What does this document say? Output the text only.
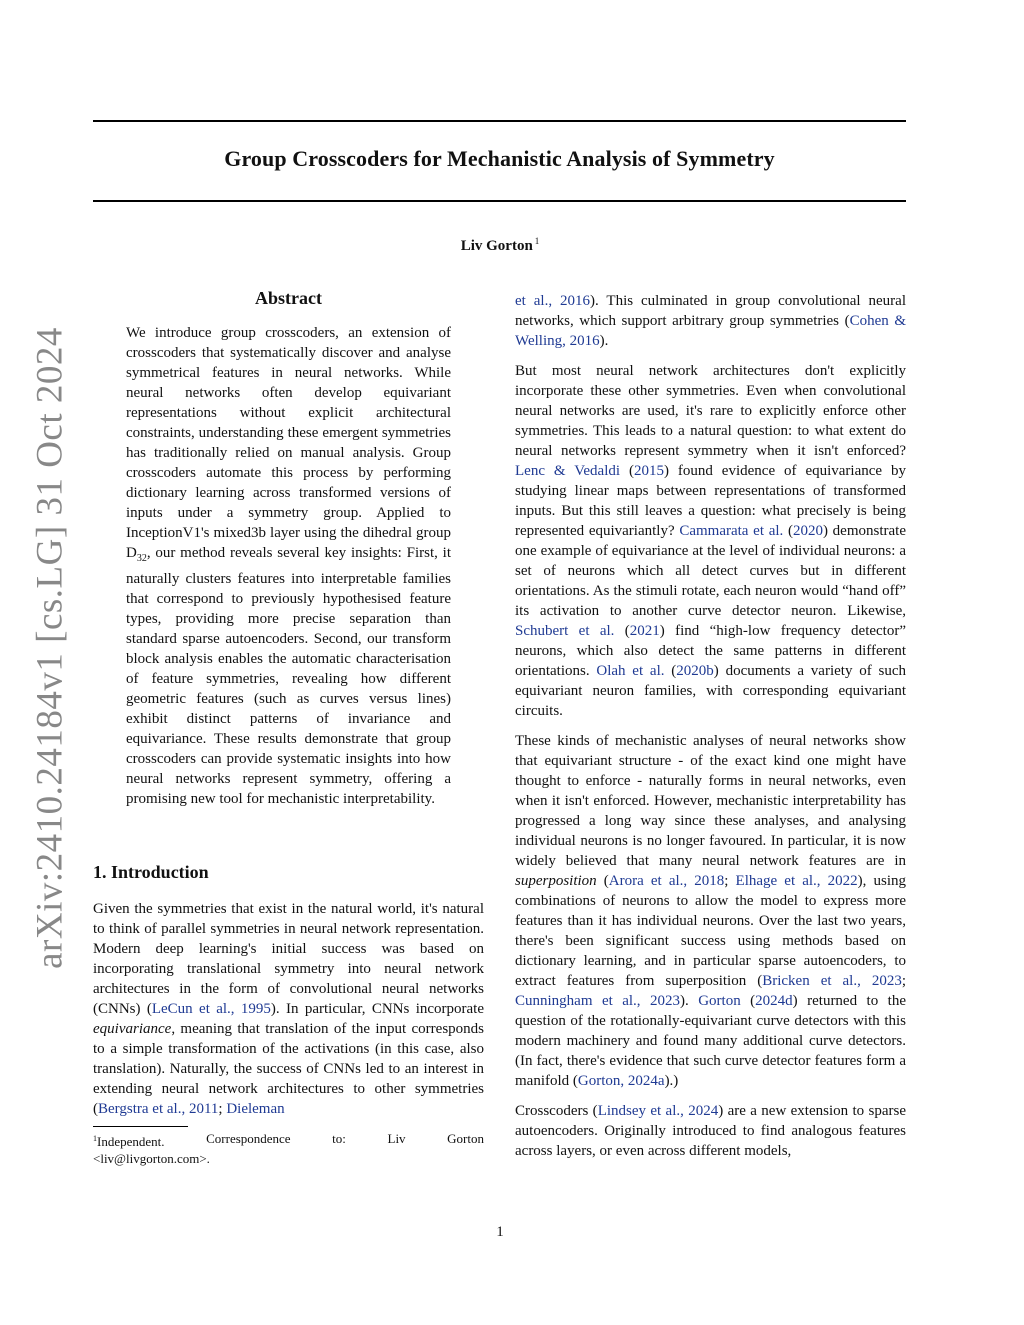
arXiv:2410.24184v1 [cs.LG] 31 Oct 2024
Group Crosscoders for Mechanistic Analysis of Symmetry
Liv Gorton $^1$
Abstract

We introduce group crosscoders, an extension of crosscoders that systematically discover and analyse symmetrical features in neural networks. While neural networks often develop equivariant representations without explicit architectural constraints, understanding these emergent symmetries has traditionally relied on manual analysis. Group crosscoders automate this process by performing dictionary learning across transformed versions of inputs under a symmetry group. Applied to InceptionV1's mixed3b layer using the dihedral group $D_{32}$, our method reveals several key insights: First, it naturally clusters features into interpretable families that correspond to previously hypothesised feature types, providing more precise separation than standard sparse autoencoders. Second, our transform block analysis enables the automatic characterisation of feature symmetries, revealing how different geometric features (such as curves versus lines) exhibit distinct patterns of invariance and equivariance. These results demonstrate that group crosscoders can provide systematic insights into how neural networks represent symmetry, offering a promising new tool for mechanistic interpretability.

1. Introduction

Given the symmetries that exist in the natural world, it's natural to think of parallel symmetries in neural network representation. Modern deep learning's initial success was based on incorporating translational symmetry into neural network architectures in the form of convolutional neural networks (CNNs) (LeCun et al., 1995). In particular, CNNs incorporate equivariance, meaning that translation of the input corresponds to a simple transformation of the activations (in this case, also translation). Naturally, the success of CNNs led to an interest in extending neural network architectures to other symmetries (Bergstra et al., 2011; Dieleman

$^1$Independent.	Correspondence	to:	Liv	Gorton
<liv@livgorton.com>.

et al., 2016). This culminated in group convolutional neural networks, which support arbitrary group symmetries (Cohen & Welling, 2016).

But most neural network architectures don't explicitly incorporate these other symmetries. Even when convolutional neural networks are used, it's rare to explicitly enforce other symmetries. This leads to a natural question: to what extent do neural networks represent symmetry when it isn't enforced? Lenc & Vedaldi (2015) found evidence of equivariance by studying linear maps between representations of transformed inputs. But this still leaves a question: what precisely is being represented equivariantly? Cammarata et al. (2020) demonstrate one example of equivariance at the level of individual neurons: a set of neurons which all detect curves but in different orientations. As the stimuli rotate, each neuron would “hand off” its activation to another curve detector neuron. Likewise, Schubert et al. (2021) find “high-low frequency detector” neurons, which also detect the same patterns in different orientations. Olah et al. (2020b) documents a variety of such equivariant neuron families, with corresponding equivariant circuits.

These kinds of mechanistic analyses of neural networks show that equivariant structure - of the exact kind one might have thought to enforce - naturally forms in neural networks, even when it isn't enforced. However, mechanistic interpretability has progressed a long way since these analyses, and analysing individual neurons is no longer favoured. In particular, it is now widely believed that many neural network features are in superposition (Arora et al., 2018; Elhage et al., 2022), using combinations of neurons to allow the model to express more features than it has individual neurons. Over the last two years, there's been significant success using methods based on dictionary learning, and in particular sparse autoencoders, to extract features from superposition (Bricken et al., 2023; Cunningham et al., 2023). Gorton (2024d) returned to the question of the rotationally-equivariant curve detectors with this modern machinery and found many additional curve detectors. (In fact, there's evidence that such curve detector features form a manifold (Gorton, 2024a).)

Crosscoders (Lindsey et al., 2024) are a new extension to sparse autoencoders. Originally introduced to find analogous features across layers, or even across different models,

1
